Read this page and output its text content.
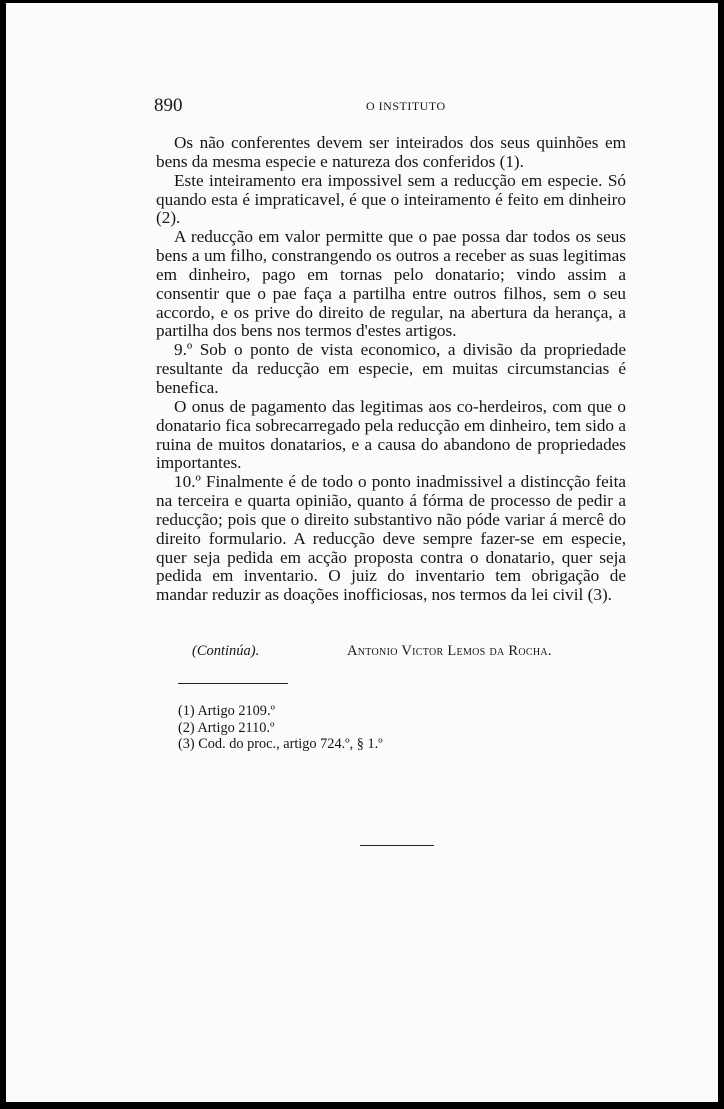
890	O INSTITUTO

Os não conferentes devem ser inteirados dos seus quinhões em bens da mesma especie e natureza dos conferidos (1).

Este inteiramento era impossivel sem a reducção em especie. Só quando esta é impraticavel, é que o inteiramento é feito em dinheiro (2).

A reducção em valor permitte que o pae possa dar todos os seus bens a um filho, constrangendo os outros a receber as suas legitimas em dinheiro, pago em tornas pelo donatario; vindo assim a consentir que o pae faça a partilha entre outros filhos, sem o seu accordo, e os prive do direito de regular, na abertura da herança, a partilha dos bens nos termos d'estes artigos.

9.º Sob o ponto de vista economico, a divisão da propriedade resultante da reducção em especie, em muitas circumstancias é benefica.

O onus de pagamento das legitimas aos co-herdeiros, com que o donatario fica sobrecarregado pela reducção em dinheiro, tem sido a ruina de muitos donatarios, e a causa do abandono de propriedades importantes.

10.º Finalmente é de todo o ponto inadmissivel a distincção feita na terceira e quarta opinião, quanto á fórma de processo de pedir a reducção; pois que o direito substantivo não póde variar á mercê do direito formulario. A reducção deve sempre fazer-se em especie, quer seja pedida em acção proposta contra o donatario, quer seja pedida em inventario. O juiz do inventario tem obrigação de mandar reduzir as doações inofficiosas, nos termos da lei civil (3).

(Continúa).	Antonio Victor Lemos da Rocha.
(1) Artigo 2109.º
(2) Artigo 2110.º
(3) Cod. do proc., artigo 724.º, § 1.º
